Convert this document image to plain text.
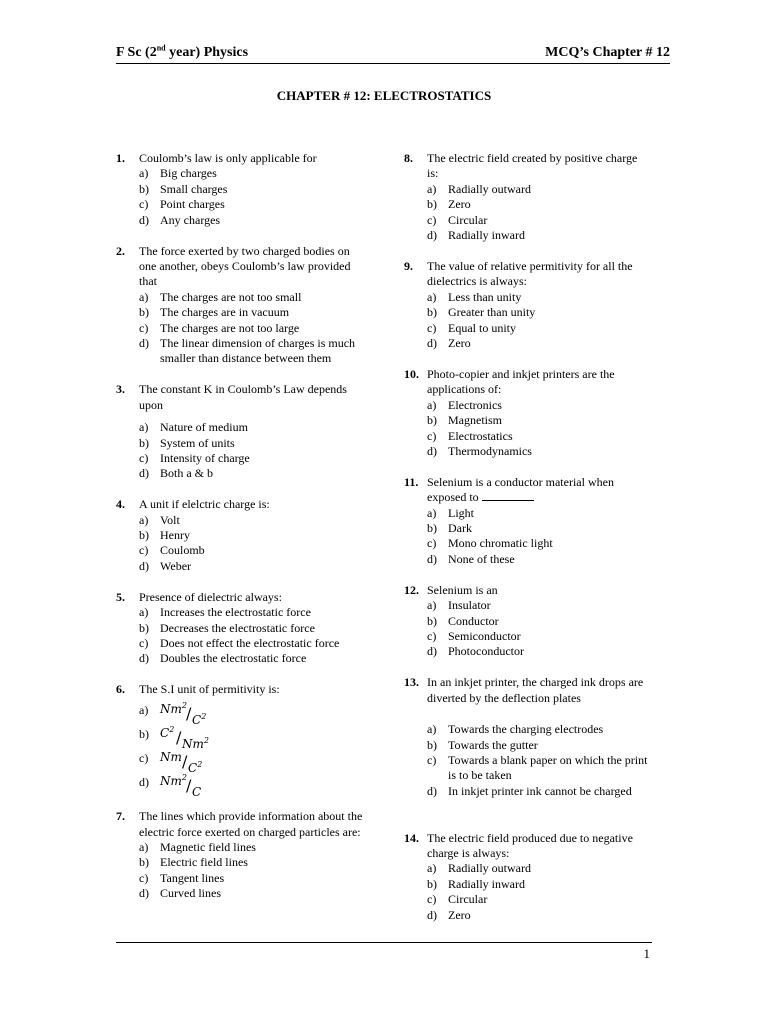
F Sc (2nd year) Physics	MCQ’s Chapter # 12
CHAPTER # 12: ELECTROSTATICS
1. Coulomb’s law is only applicable for
a) Big charges
b) Small charges
c) Point charges
d) Any charges
2. The force exerted by two charged bodies on one another, obeys Coulomb’s law provided that
a) The charges are not too small
b) The charges are in vacuum
c) The charges are not too large
d) The linear dimension of charges is much smaller than distance between them
3. The constant K in Coulomb’s Law depends upon
a) Nature of medium
b) System of units
c) Intensity of charge
d) Both a & b
4. A unit if elelctric charge is:
a) Volt
b) Henry
c) Coulomb
d) Weber
5. Presence of dielectric always:
a) Increases the electrostatic force
b) Decreases the electrostatic force
c) Does not effect the electrostatic force
d) Doubles the electrostatic force
6. The S.I unit of permitivity is:
a) $Nm^2 / C^2$
b) $C^2 / Nm^2$
c) Nm / $C^2$
d) Nm$^2$ / C
7. The lines which provide information about the electric force exerted on charged particles are:
a) Magnetic field lines
b) Electric field lines
c) Tangent lines
d) Curved lines
8. The electric field created by positive charge is:
a) Radially outward
b) Zero
c) Circular
d) Radially inward
9. The value of relative permitivity for all the dielectrics is always:
a) Less than unity
b) Greater than unity
c) Equal to unity
d) Zero
10. Photo-copier and inkjet printers are the applications of:
a) Electronics
b) Magnetism
c) Electrostatics
d) Thermodynamics
11. Selenium is a conductor material when exposed to
a) Light
b) Dark
c) Mono chromatic light
d) None of these
12. Selenium is an
a) Insulator
b) Conductor
c) Semiconductor
d) Photoconductor
13. In an inkjet printer, the charged ink drops are diverted by the deflection plates
a) Towards the charging electrodes
b) Towards the gutter
c) Towards a blank paper on which the print is to be taken
d) In inkjet printer ink cannot be charged
14. The electric field produced due to negative charge is always:
a) Radially outward
b) Radially inward
c) Circular
d) Zero
1
